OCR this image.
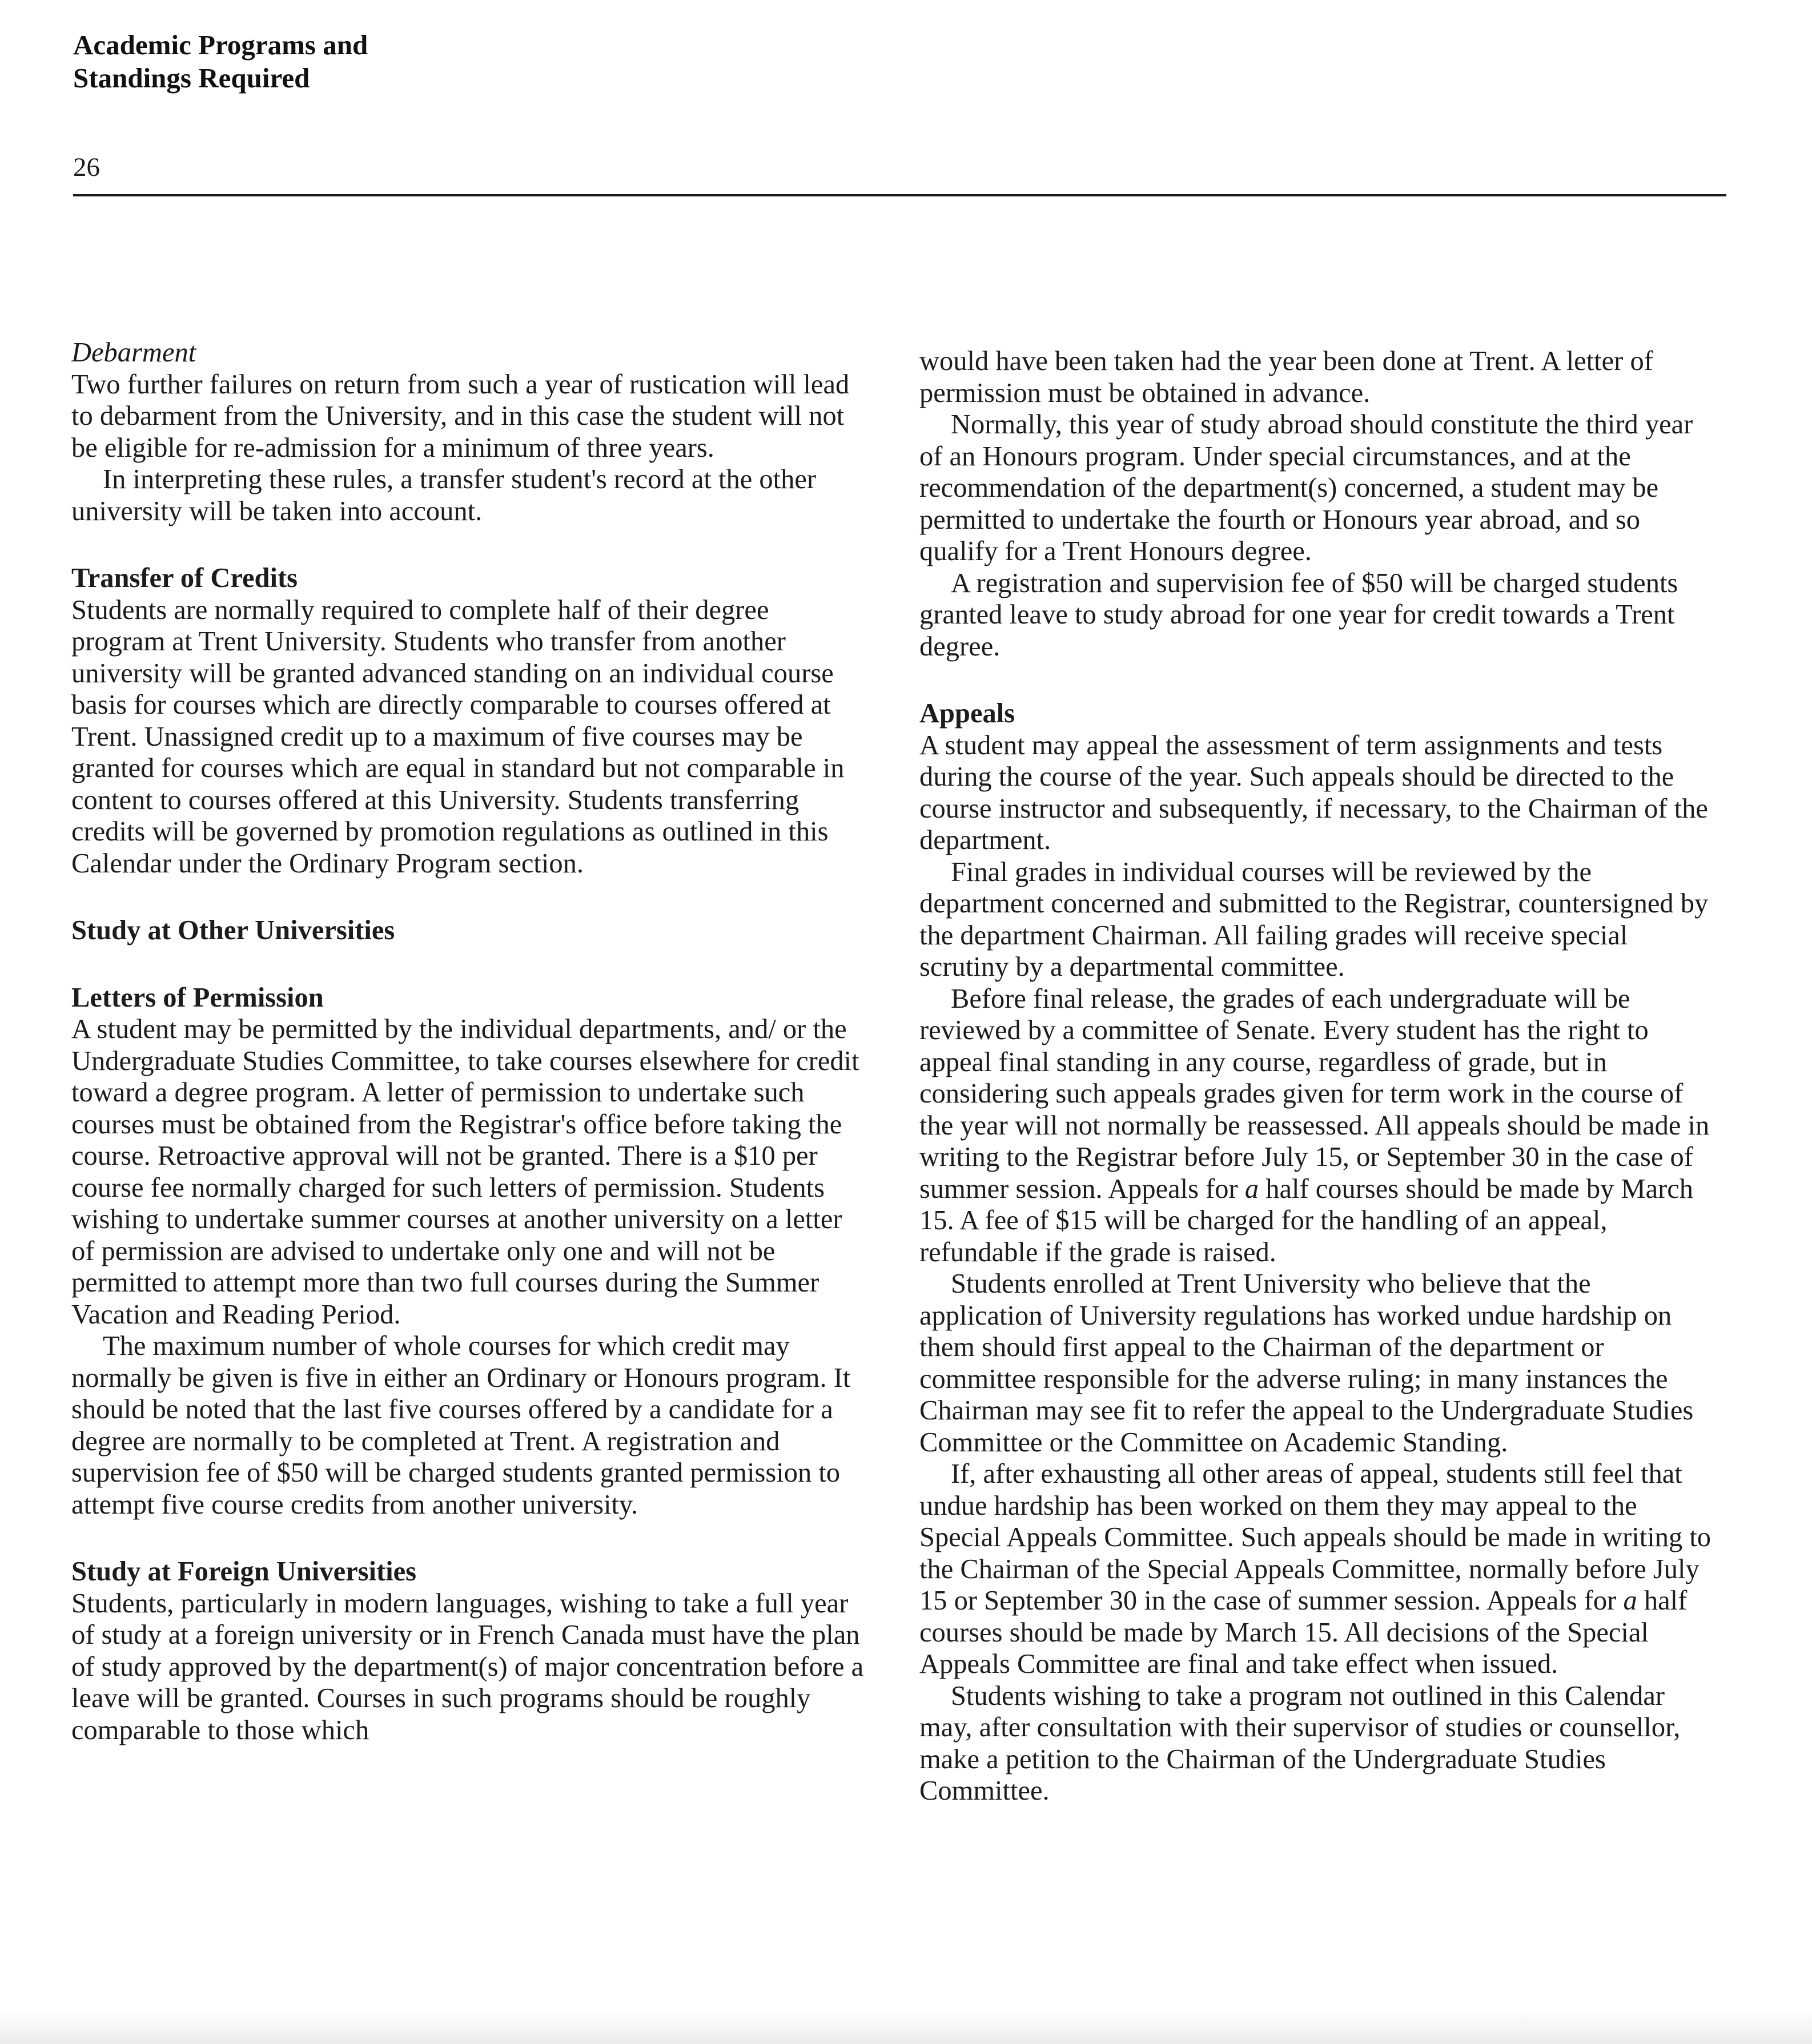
Academic Programs and
Standings Required
26

Debarment

Two further failures on return from such a year of rustication will lead to debarment from the University, and in this case the student will not be eligible for re-admission for a minimum of three years.

In interpreting these rules, a transfer student's record at the other university will be taken into account.

Transfer of Credits

Students are normally required to complete half of their degree program at Trent University. Students who transfer from another university will be granted advanced standing on an individual course basis for courses which are directly comparable to courses offered at Trent. Unassigned credit up to a maximum of five courses may be granted for courses which are equal in standard but not comparable in content to courses offered at this University. Students transferring credits will be governed by promotion regulations as outlined in this Calendar under the Ordinary Program section.

Study at Other Universities

Letters of Permission

A student may be permitted by the individual departments, and/ or the Undergraduate Studies Committee, to take courses elsewhere for credit toward a degree program. A letter of permission to undertake such courses must be obtained from the Registrar's office before taking the course. Retroactive approval will not be granted. There is a $10 per course fee normally charged for such letters of permission. Students wishing to undertake summer courses at another university on a letter of permission are advised to undertake only one and will not be permitted to attempt more than two full courses during the Summer Vacation and Reading Period.

The maximum number of whole courses for which credit may normally be given is five in either an Ordinary or Honours program. It should be noted that the last five courses offered by a candidate for a degree are normally to be completed at Trent. A registration and supervision fee of $50 will be charged students granted permission to attempt five course credits from another university.

Study at Foreign Universities

Students, particularly in modern languages, wishing to take a full year of study at a foreign university or in French Canada must have the plan of study approved by the department(s) of major concentration before a leave will be granted. Courses in such programs should be roughly comparable to those which

would have been taken had the year been done at Trent. A letter of permission must be obtained in advance.

Normally, this year of study abroad should constitute the third year of an Honours program. Under special circumstances, and at the recommendation of the department(s) concerned, a student may be permitted to undertake the fourth or Honours year abroad, and so qualify for a Trent Honours degree.

A registration and supervision fee of $50 will be charged students granted leave to study abroad for one year for credit towards a Trent degree.

Appeals

A student may appeal the assessment of term assignments and tests during the course of the year. Such appeals should be directed to the course instructor and subsequently, if necessary, to the Chairman of the department.

Final grades in individual courses will be reviewed by the department concerned and submitted to the Registrar, countersigned by the department Chairman. All failing grades will receive special scrutiny by a departmental committee.

Before final release, the grades of each undergraduate will be reviewed by a committee of Senate. Every student has the right to appeal final standing in any course, regardless of grade, but in considering such appeals grades given for term work in the course of the year will not normally be reassessed. All appeals should be made in writing to the Registrar before July 15, or September 30 in the case of summer session. Appeals for a half courses should be made by March 15. A fee of $15 will be charged for the handling of an appeal, refundable if the grade is raised.

Students enrolled at Trent University who believe that the application of University regulations has worked undue hardship on them should first appeal to the Chairman of the department or committee responsible for the adverse ruling; in many instances the Chairman may see fit to refer the appeal to the Undergraduate Studies Committee or the Committee on Academic Standing.

If, after exhausting all other areas of appeal, students still feel that undue hardship has been worked on them they may appeal to the Special Appeals Committee. Such appeals should be made in writing to the Chairman of the Special Appeals Committee, normally before July 15 or September 30 in the case of summer session. Appeals for a half courses should be made by March 15. All decisions of the Special Appeals Committee are final and take effect when issued.

Students wishing to take a program not outlined in this Calendar may, after consultation with their supervisor of studies or counsellor, make a petition to the Chairman of the Undergraduate Studies Committee.
